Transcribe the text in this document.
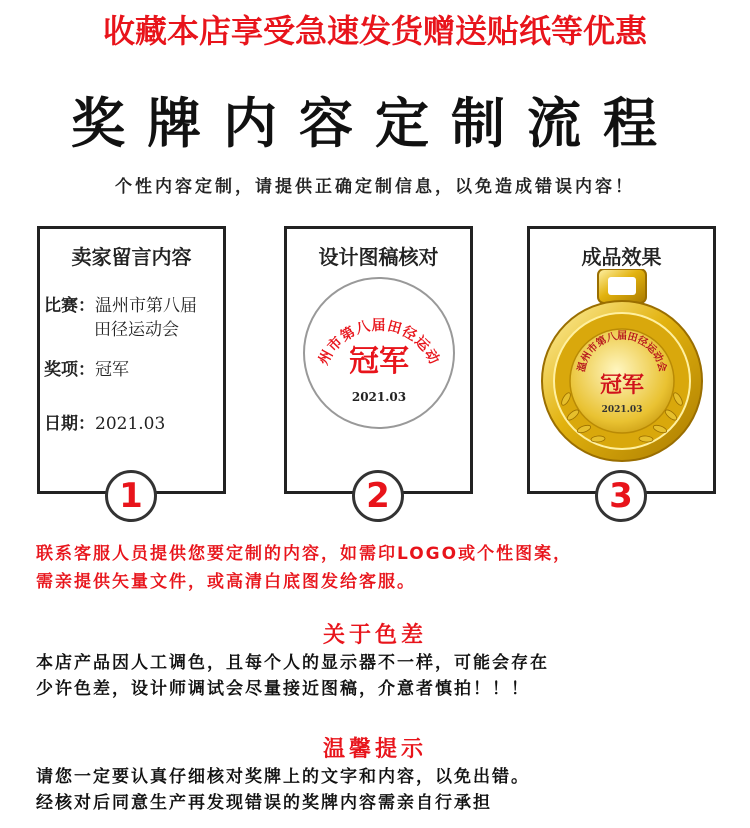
收藏本店享受急速发货赠送贴纸等优惠
奖牌内容定制流程
个性内容定制，请提供正确定制信息，以免造成错误内容！
卖家留言内容
比赛：温州市第八届
田径运动会
奖项：冠军
日期：2021.03
设计图稿核对
州市第八届田径运动
冠军
2021.03
成品效果
温州市第八届田径运动会
冠军
2021.03
1	2	3
联系客服人员提供您要定制的内容，如需印LOGO或个性图案，
需亲提供矢量文件，或高清白底图发给客服。
关于色差
本店产品因人工调色，且每个人的显示器不一样，可能会存在
少许色差，设计师调试会尽量接近图稿，介意者慎拍！！！
温馨提示
请您一定要认真仔细核对奖牌上的文字和内容，以免出错。
经核对后同意生产再发现错误的奖牌内容需亲自行承担
